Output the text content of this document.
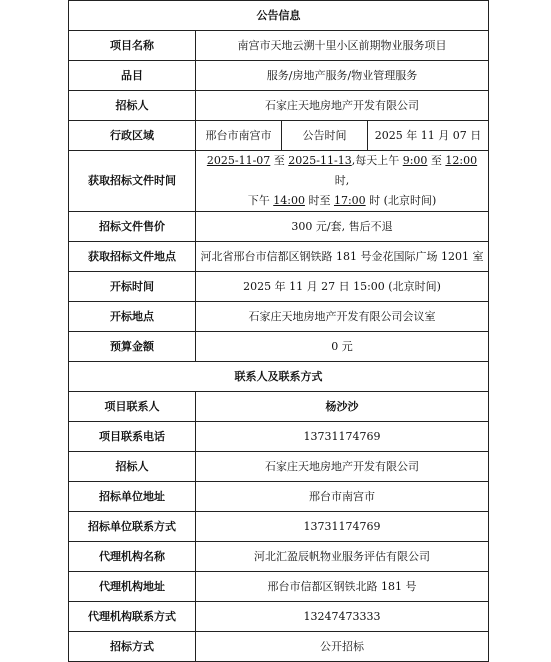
公告信息			
项目名称	南宫市天地云溯十里小区前期物业服务项目		
品目	服务/房地产服务/物业管理服务		
招标人	石家庄天地房地产开发有限公司		
行政区域	邢台市南宫市	公告时间	2025 年 11 月 07 日
获取招标文件时间	2025-11-07 至 2025-11-13,每天上午 9:00 至 12:00时,
下午 14:00 时至 17:00 时 (北京时间)		

招标文件售价	300 元/套, 售后不退		
获取招标文件地点	河北省邢台市信都区钢铁路 181 号金花国际广场 1201 室		
开标时间	2025 年 11 月 27 日 15:00 (北京时间)		
开标地点	石家庄天地房地产开发有限公司会议室		
预算金额	0 元		
联系人及联系方式			
项目联系人	杨沙沙		
项目联系电话	13731174769		
招标人	石家庄天地房地产开发有限公司		
招标单位地址	邢台市南宫市		
招标单位联系方式	13731174769		
代理机构名称	河北汇盈辰帆物业服务评估有限公司		
代理机构地址	邢台市信都区钢铁北路 181 号		
代理机构联系方式	13247473333		
招标方式	公开招标		
